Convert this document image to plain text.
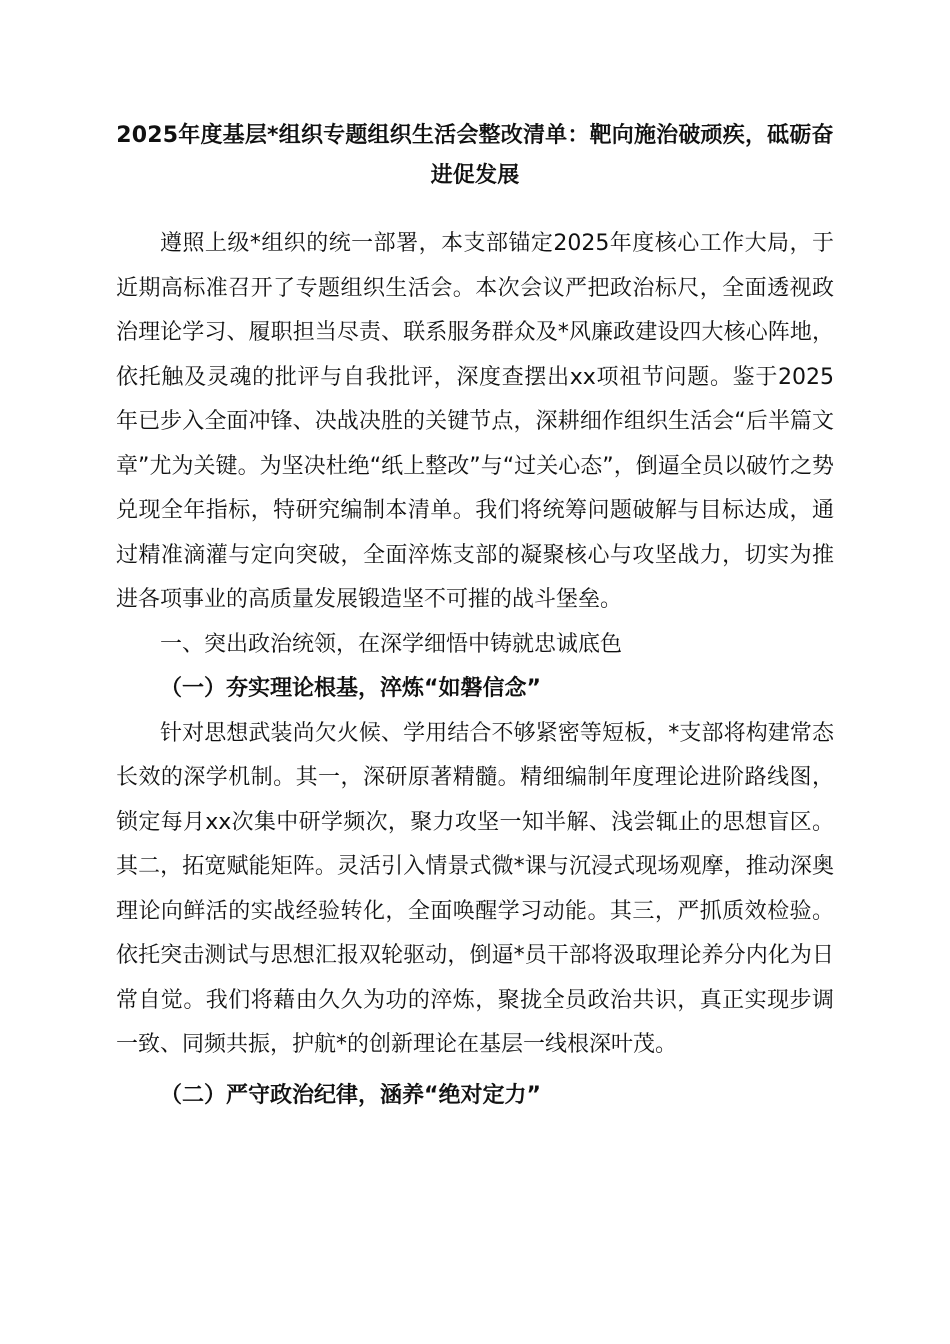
2025年度基层*组织专题组织生活会整改清单：靶向施治破顽疾，砥砺奋进促发展

遵照上级*组织的统一部署，本支部锚定2025年度核心工作大局，于近期高标准召开了专题组织生活会。本次会议严把政治标尺，全面透视政治理论学习、履职担当尽责、联系服务群众及*风廉政建设四大核心阵地，依托触及灵魂的批评与自我批评，深度查摆出xx项祖节问题。鉴于2025年已步入全面冲锋、决战决胜的关键节点，深耕细作组织生活会“后半篇文章”尤为关键。为坚决杜绝“纸上整改”与“过关心态”，倒逼全员以破竹之势兑现全年指标，特研究编制本清单。我们将统筹问题破解与目标达成，通过精准滴灌与定向突破，全面淬炼支部的凝聚核心与攻坚战力，切实为推进各项事业的高质量发展锻造坚不可摧的战斗堡垒。

一、突出政治统领，在深学细悟中铸就忠诚底色

（一）夯实理论根基，淬炼“如磐信念”

针对思想武装尚欠火候、学用结合不够紧密等短板，*支部将构建常态长效的深学机制。其一，深研原著精髓。精细编制年度理论进阶路线图，锁定每月xx次集中研学频次，聚力攻坚一知半解、浅尝辄止的思想盲区。其二，拓宽赋能矩阵。灵活引入情景式微*课与沉浸式现场观摩，推动深奥理论向鲜活的实战经验转化，全面唤醒学习动能。其三，严抓质效检验。依托突击测试与思想汇报双轮驱动，倒逼*员干部将汲取理论养分内化为日常自觉。我们将藉由久久为功的淬炼，聚拢全员政治共识，真正实现步调一致、同频共振，护航*的创新理论在基层一线根深叶茂。

（二）严守政治纪律，涵养“绝对定力”
